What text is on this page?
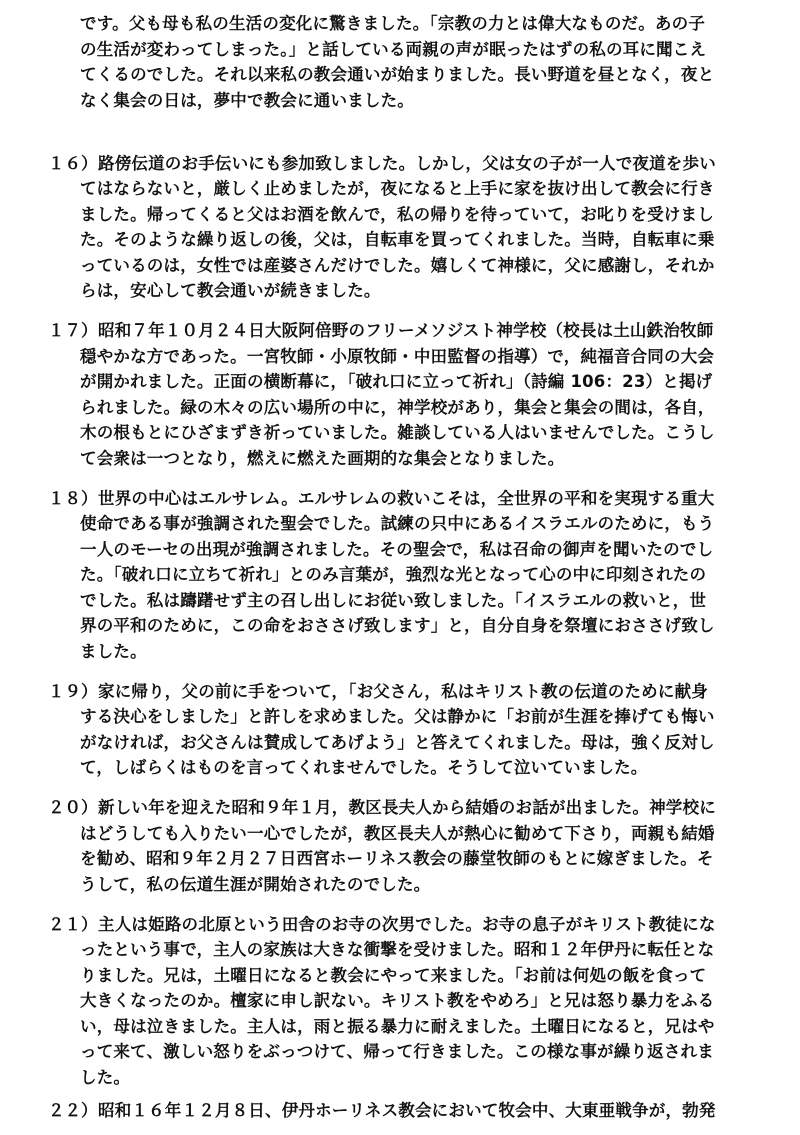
です。父も母も私の生活の変化に驚きました。「宗教の力とは偉大なものだ。あの子
の生活が変わってしまった。」と話している両親の声が眠ったはずの私の耳に聞こえ
てくるのでした。それ以来私の教会通いが始まりました。長い野道を昼となく，夜と
なく集会の日は，夢中で教会に通いました。
１６） 路傍伝道のお手伝いにも参加致しました。しかし，父は女の子が一人で夜道を歩い
てはならないと，厳しく止めましたが，夜になると上手に家を抜け出して教会に行き
ました。帰ってくると父はお酒を飲んで，私の帰りを待っていて，お叱りを受けまし
た。そのような繰り返しの後，父は，自転車を買ってくれました。当時，自転車に乗
っているのは，女性では産婆さんだけでした。嬉しくて神様に，父に感謝し，それか
らは，安心して教会通いが続きました。
１７） 昭和７年１０月２４日大阪阿倍野のフリーメソジスト神学校（校長は土山鉄治牧師
穏やかな方であった。一宮牧師・小原牧師・中田監督の指導）で，純福音合同の大会
が開かれました。正面の横断幕に，「破れ口に立って祈れ」（詩編 106：23）と掲げ
られました。緑の木々の広い場所の中に，神学校があり，集会と集会の間は，各自，
木の根もとにひざまずき祈っていました。雑談している人はいませんでした。こうし
て会衆は一つとなり，燃えに燃えた画期的な集会となりました。
１８） 世界の中心はエルサレム。エルサレムの救いこそは，全世界の平和を実現する重大
使命である事が強調された聖会でした。試練の只中にあるイスラエルのために，もう
一人のモーセの出現が強調されました。その聖会で，私は召命の御声を聞いたのでし
た。「破れ口に立ちて祈れ」とのみ言葉が，強烈な光となって心の中に印刻されたの
でした。私は躊躇せず主の召し出しにお従い致しました。「イスラエルの救いと，世
界の平和のために，この命をおささげ致します」と，自分自身を祭壇におささげ致し
ました。
１９） 家に帰り，父の前に手をついて，「お父さん，私はキリスト教の伝道のために献身
する決心をしました」と許しを求めました。父は静かに「お前が生涯を捧げても悔い
がなければ，お父さんは賛成してあげよう」と答えてくれました。母は，強く反対し
て，しばらくはものを言ってくれませんでした。そうして泣いていました。
２０） 新しい年を迎えた昭和９年１月，教区長夫人から結婚のお話が出ました。神学校に
はどうしても入りたい一心でしたが，教区長夫人が熱心に勧めて下さり，両親も結婚
を勧め、昭和９年２月２７日西宮ホーリネス教会の藤堂牧師のもとに嫁ぎました。そ
うして，私の伝道生涯が開始されたのでした。
２１） 主人は姫路の北原という田舎のお寺の次男でした。お寺の息子がキリスト教徒にな
ったという事で，主人の家族は大きな衝撃を受けました。昭和１２年伊丹に転任とな
りました。兄は，土曜日になると教会にやって来ました。「お前は何処の飯を食って
大きくなったのか。檀家に申し訳ない。キリスト教をやめろ」と兄は怒り暴力をふる
い，母は泣きました。主人は，雨と振る暴力に耐えました。土曜日になると，兄はや
って来て、激しい怒りをぶっつけて、帰って行きました。この様な事が繰り返されま
した。
２２） 昭和１６年１２月８日、伊丹ホーリネス教会において牧会中、大東亜戦争が，勃発
